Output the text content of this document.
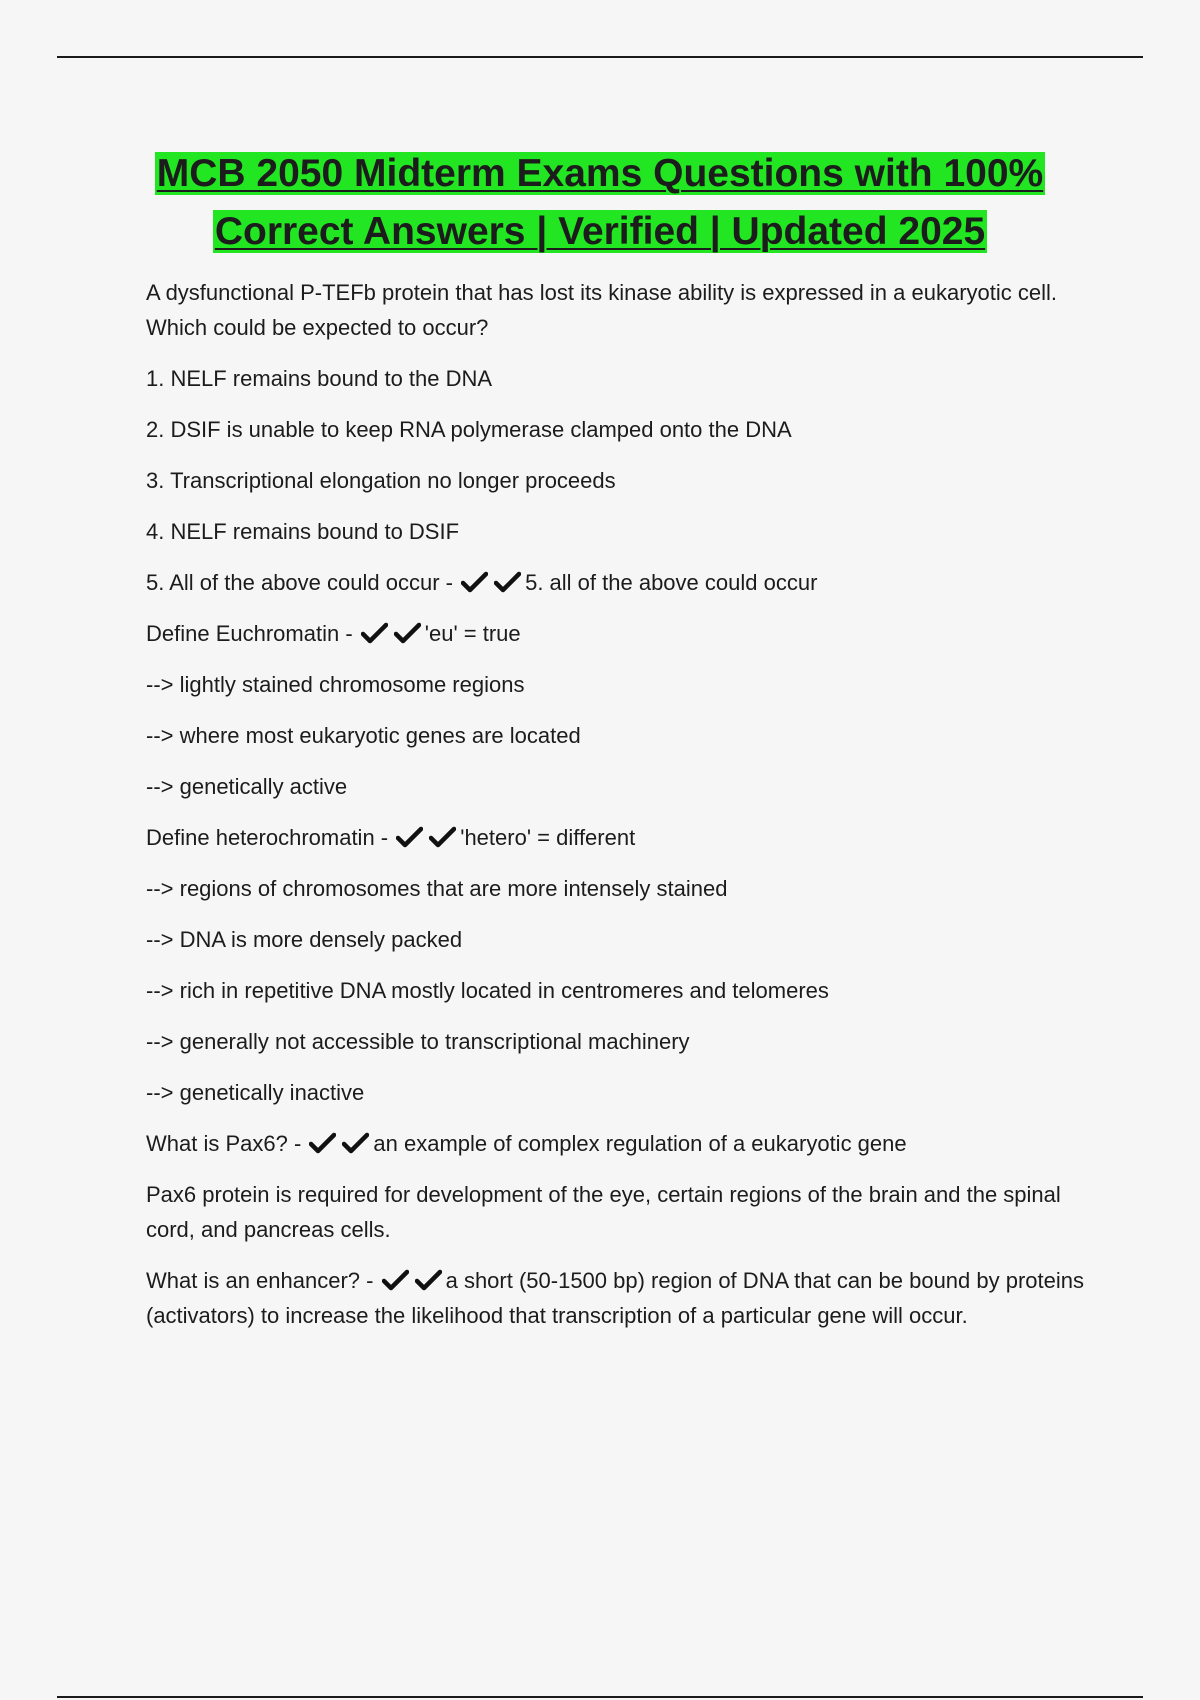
MCB 2050 Midterm Exams Questions with 100%
Correct Answers | Verified | Updated 2025

A dysfunctional P-TEFb protein that has lost its kinase ability is expressed in a eukaryotic cell. Which could be expected to occur?

1. NELF remains bound to the DNA

2. DSIF is unable to keep RNA polymerase clamped onto the DNA

3. Transcriptional elongation no longer proceeds

4. NELF remains bound to DSIF

5. All of the above could occur -	5. all of the above could occur

Define Euchromatin -	'eu' = true

--> lightly stained chromosome regions

--> where most eukaryotic genes are located

--> genetically active

Define heterochromatin -	'hetero' = different

--> regions of chromosomes that are more intensely stained

--> DNA is more densely packed

--> rich in repetitive DNA mostly located in centromeres and telomeres

--> generally not accessible to transcriptional machinery

--> genetically inactive

What is Pax6? -	an example of complex regulation of a eukaryotic gene

Pax6 protein is required for development of the eye, certain regions of the brain and the spinal cord, and pancreas cells.

What is an enhancer? -	a short (50-1500 bp) region of DNA that can be bound by proteins (activators) to increase the likelihood that transcription of a particular gene will occur.
